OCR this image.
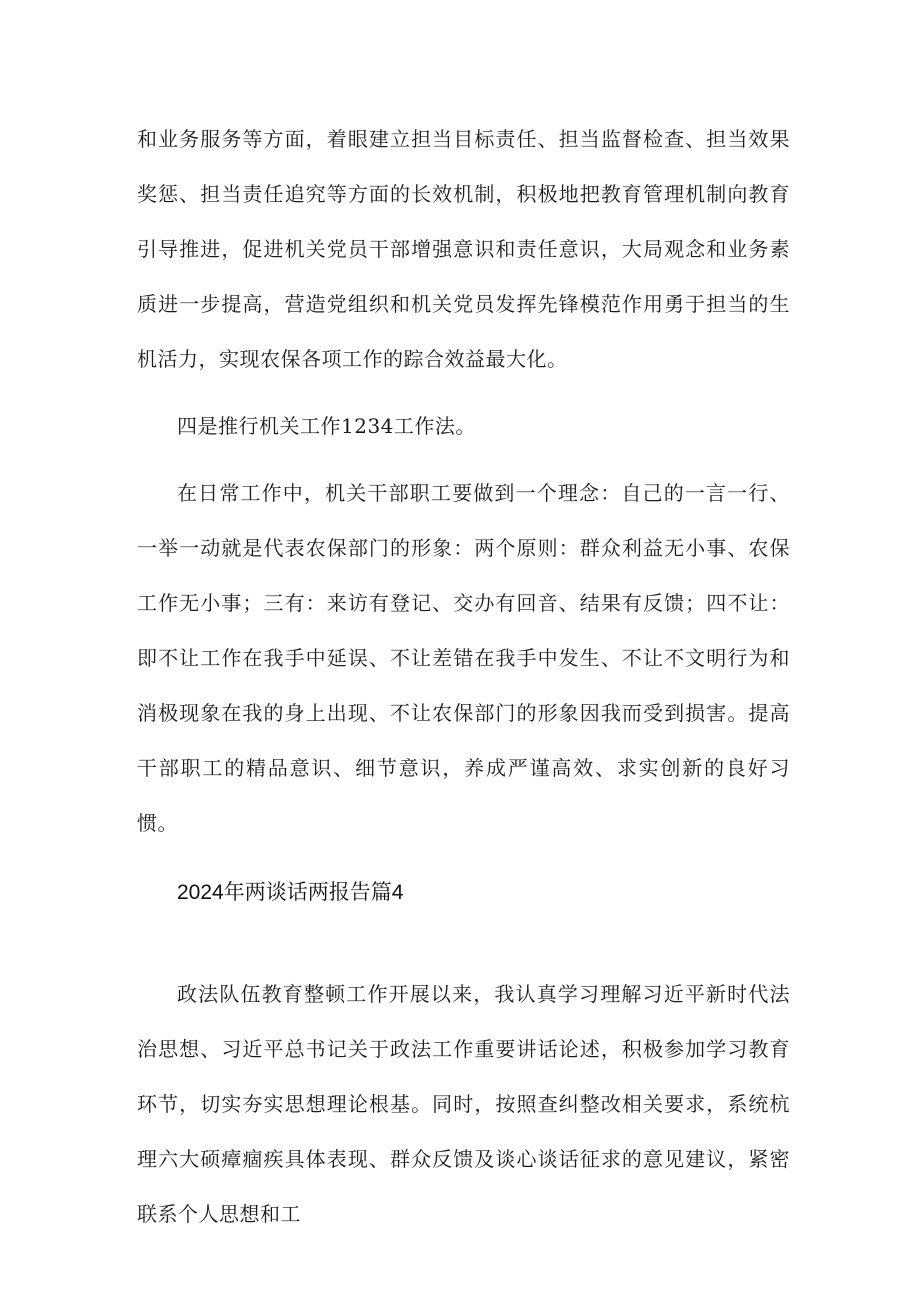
和业务服务等方面，着眼建立担当目标责任、担当监督检查、担当效果奖惩、担当责任追究等方面的长效机制，积极地把教育管理机制向教育引导推进，促进机关党员干部增强意识和责任意识，大局观念和业务素质进一步提高，营造党组织和机关党员发挥先锋模范作用勇于担当的生机活力，实现农保各项工作的踪合效益最大化。

四是推行机关工作1234工作法。

在日常工作中，机关干部职工要做到一个理念：自己的一言一行、一举一动就是代表农保部门的形象：两个原则：群众利益无小事、农保工作无小事；三有：来访有登记、交办有回音、结果有反馈；四不让：即不让工作在我手中延误、不让差错在我手中发生、不让不文明行为和消极现象在我的身上出现、不让农保部门的形象因我而受到损害。提高干部职工的精品意识、细节意识，养成严谨高效、求实创新的良好习惯。

2024年两谈话两报告篇4

政法队伍教育整顿工作开展以来，我认真学习理解习近平新时代法治思想、习近平总书记关于政法工作重要讲话论述，积极参加学习教育环节，切实夯实思想理论根基。同时，按照查纠整改相关要求，系统杭理六大硕瘴痼疾具体表现、群众反馈及谈心谈话征求的意见建议，紧密联系个人思想和工
